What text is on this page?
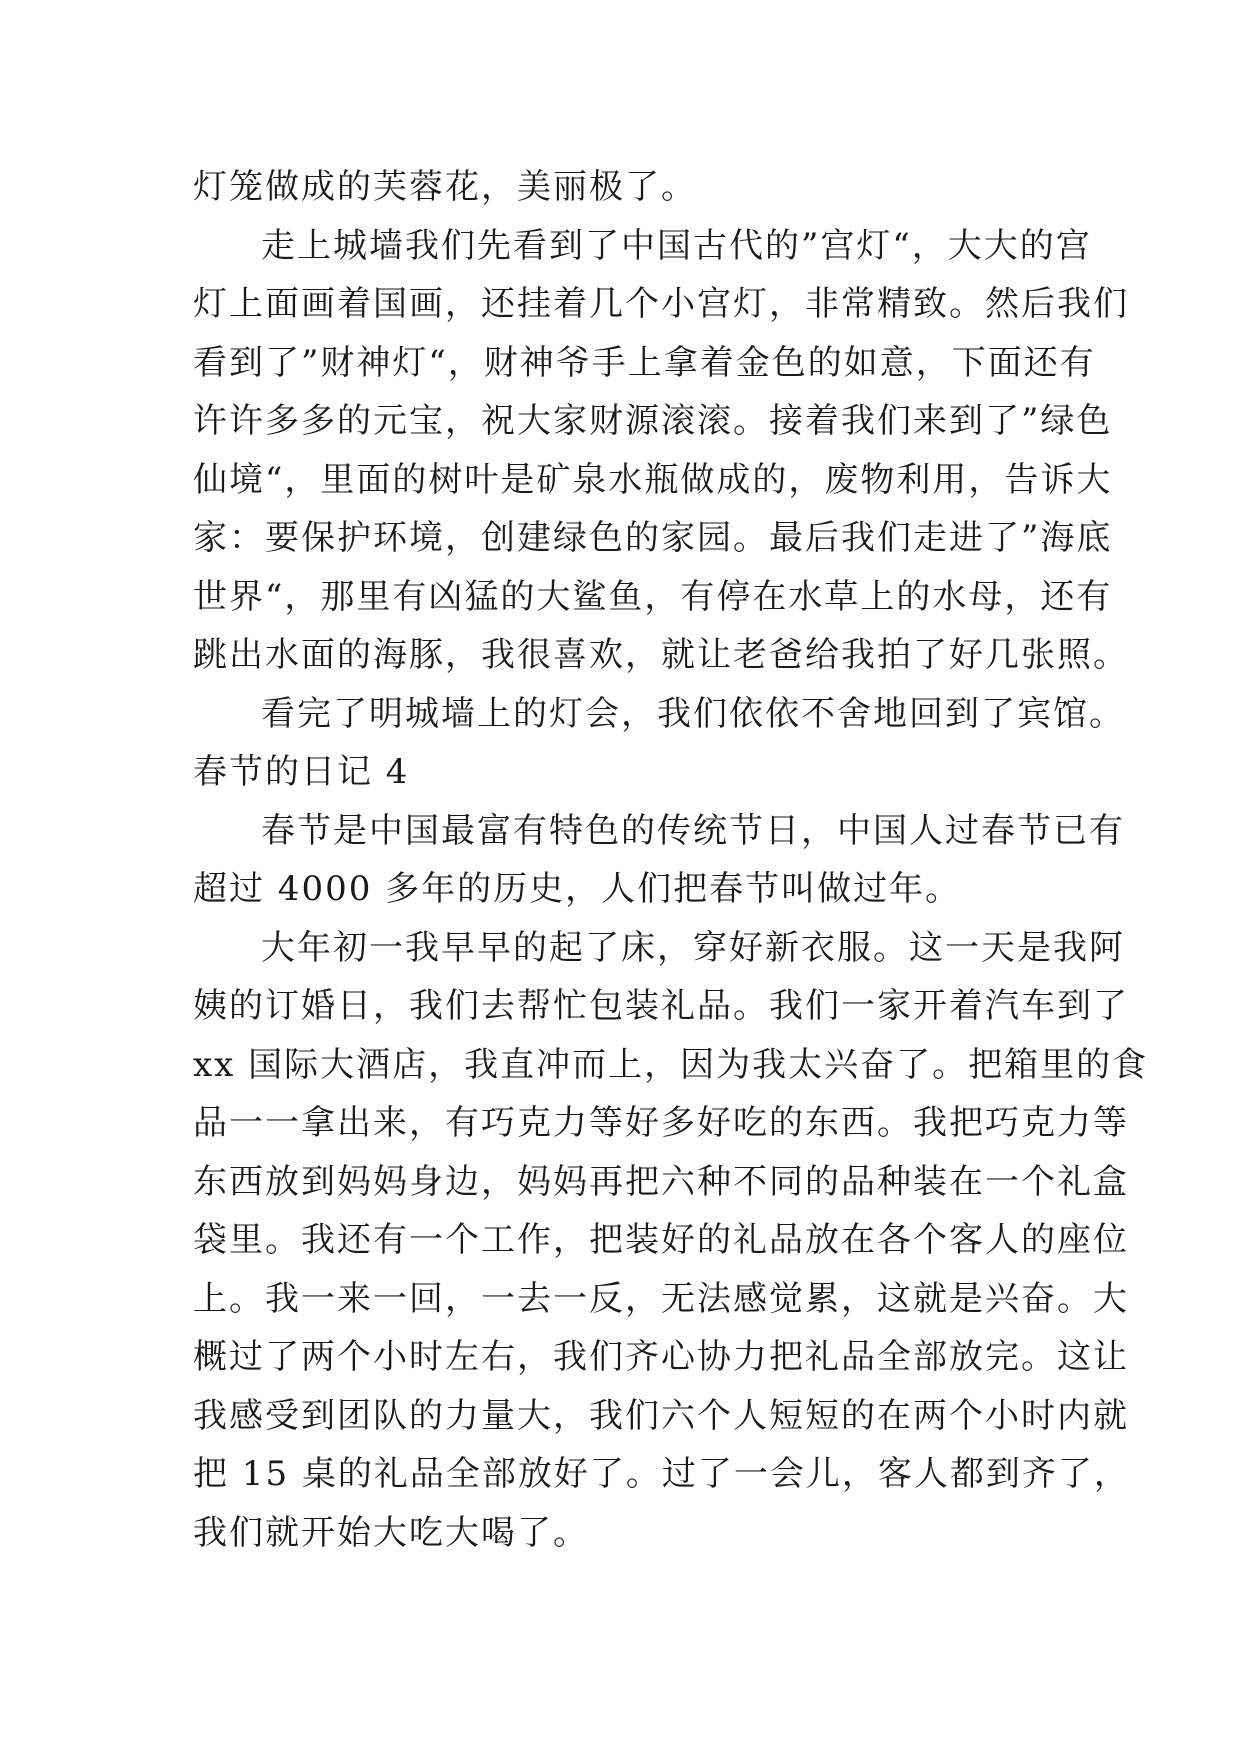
灯笼做成的芙蓉花，美丽极了。
走上城墙我们先看到了中国古代的”宫灯“，大大的宫
灯上面画着国画，还挂着几个小宫灯，非常精致。然后我们
看到了”财神灯“，财神爷手上拿着金色的如意，下面还有
许许多多的元宝，祝大家财源滚滚。接着我们来到了”绿色
仙境“，里面的树叶是矿泉水瓶做成的，废物利用，告诉大
家：要保护环境，创建绿色的家园。最后我们走进了”海底
世界“，那里有凶猛的大鲨鱼，有停在水草上的水母，还有
跳出水面的海豚，我很喜欢，就让老爸给我拍了好几张照。
看完了明城墙上的灯会，我们依依不舍地回到了宾馆。
春节的日记 4
春节是中国最富有特色的传统节日，中国人过春节已有
超过 4000 多年的历史，人们把春节叫做过年。
大年初一我早早的起了床，穿好新衣服。这一天是我阿
姨的订婚日，我们去帮忙包装礼品。我们一家开着汽车到了
xx 国际大酒店，我直冲而上，因为我太兴奋了。把箱里的食
品一一拿出来，有巧克力等好多好吃的东西。我把巧克力等
东西放到妈妈身边，妈妈再把六种不同的品种装在一个礼盒
袋里。我还有一个工作，把装好的礼品放在各个客人的座位
上。我一来一回，一去一反，无法感觉累，这就是兴奋。大
概过了两个小时左右，我们齐心协力把礼品全部放完。这让
我感受到团队的力量大，我们六个人短短的在两个小时内就
把 15 桌的礼品全部放好了。过了一会儿，客人都到齐了，
我们就开始大吃大喝了。
